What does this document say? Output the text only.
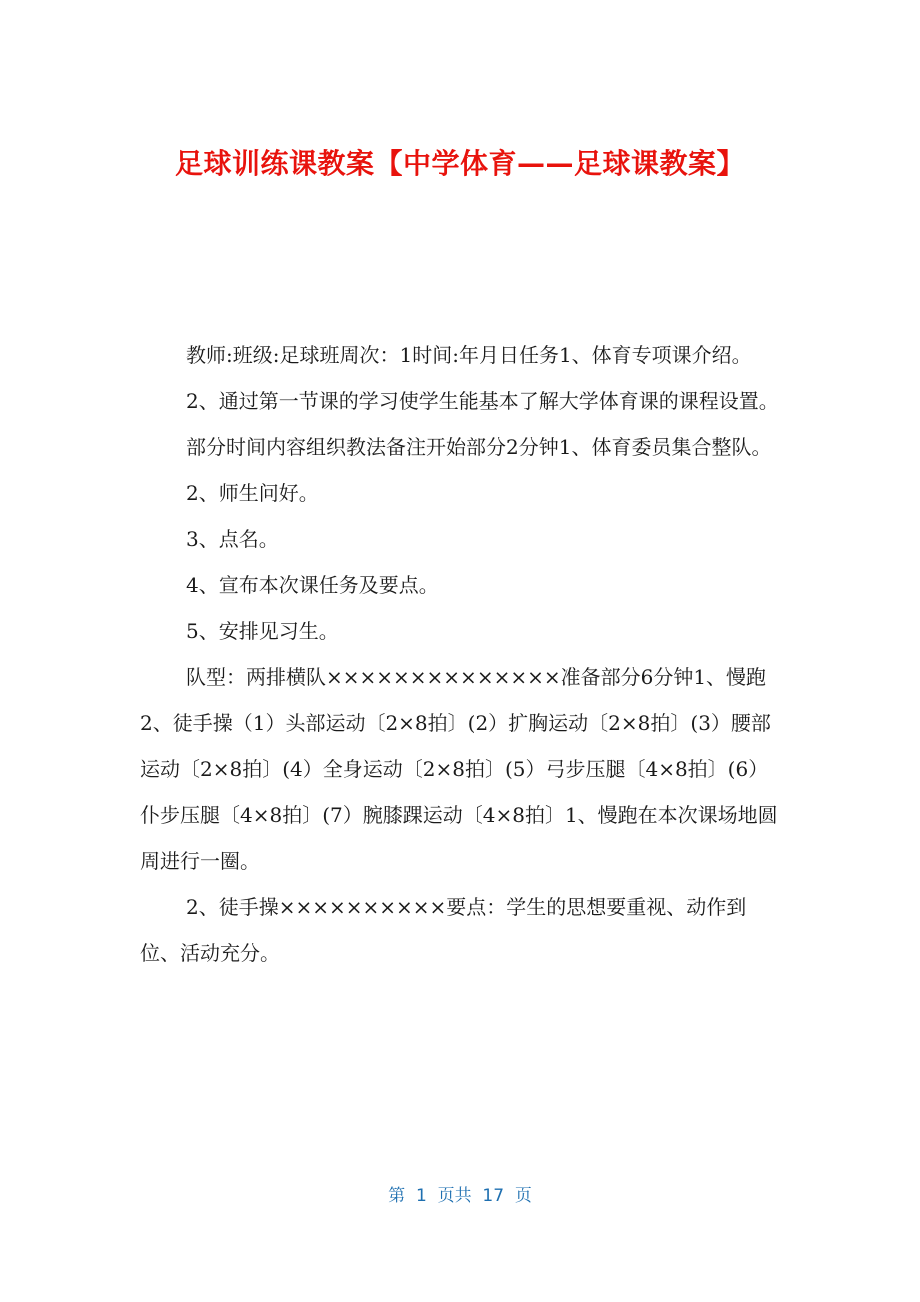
足球训练课教案【中学体育——足球课教案】

教师:班级:足球班周次：1时间:年月日任务1、体育专项课介绍。

2、通过第一节课的学习使学生能基本了解大学体育课的课程设置。

部分时间内容组织教法备注开始部分2分钟1、体育委员集合整队。

2、师生问好。

3、点名。

4、宣布本次课任务及要点。

5、安排见习生。

队型：两排横队××××××××××××××准备部分6分钟1、慢跑2、徒手操（1）头部运动〔2×8拍〕(2）扩胸运动〔2×8拍〕(3）腰部运动〔2×8拍〕(4）全身运动〔2×8拍〕(5）弓步压腿〔4×8拍〕(6）仆步压腿〔4×8拍〕(7）腕膝踝运动〔4×8拍〕1、慢跑在本次课场地圆周进行一圈。

2、徒手操××××××××××要点：学生的思想要重视、动作到位、活动充分。

第  1  页共  17  页
